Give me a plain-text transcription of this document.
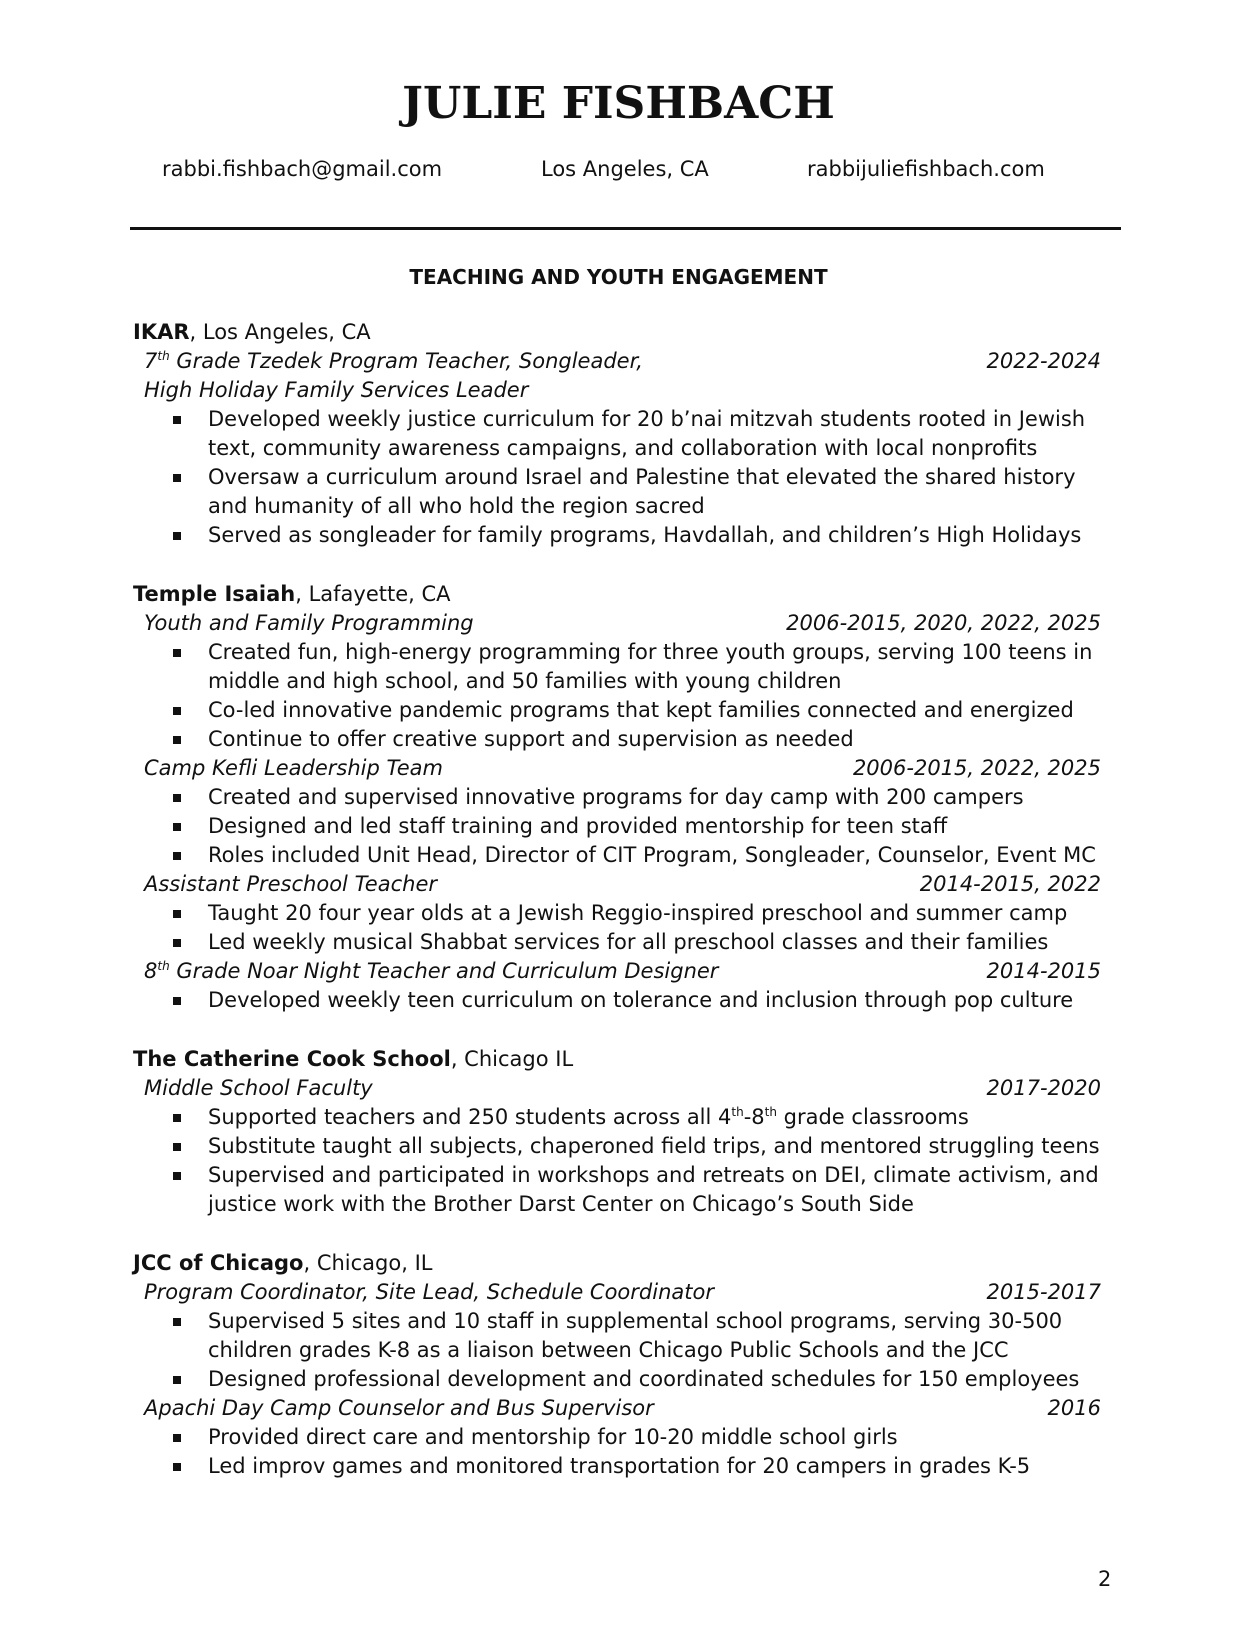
JULIE FISHBACH
rabbi.fishbach@gmail.com	Los Angeles, CA	rabbijuliefishbach.com
TEACHING AND YOUTH ENGAGEMENT
IKAR, Los Angeles, CA
7th Grade Tzedek Program Teacher, Songleader,	2022-2024
High Holiday Family Services Leader
Developed weekly justice curriculum for 20 b’nai mitzvah students rooted in Jewish text, community awareness campaigns, and collaboration with local nonprofits
Oversaw a curriculum around Israel and Palestine that elevated the shared history and humanity of all who hold the region sacred
Served as songleader for family programs, Havdallah, and children’s High Holidays
Temple Isaiah, Lafayette, CA
Youth and Family Programming	2006-2015, 2020, 2022, 2025
Created fun, high-energy programming for three youth groups, serving 100 teens in middle and high school, and 50 families with young children
Co-led innovative pandemic programs that kept families connected and energized
Continue to offer creative support and supervision as needed
Camp Kefli Leadership Team	2006-2015, 2022, 2025
Created and supervised innovative programs for day camp with 200 campers
Designed and led staff training and provided mentorship for teen staff
Roles included Unit Head, Director of CIT Program, Songleader, Counselor, Event MC
Assistant Preschool Teacher	2014-2015, 2022
Taught 20 four year olds at a Jewish Reggio-inspired preschool and summer camp
Led weekly musical Shabbat services for all preschool classes and their families
8th Grade Noar Night Teacher and Curriculum Designer	2014-2015
Developed weekly teen curriculum on tolerance and inclusion through pop culture
The Catherine Cook School, Chicago IL
Middle School Faculty	2017-2020
Supported teachers and 250 students across all 4th-8th grade classrooms
Substitute taught all subjects, chaperoned field trips, and mentored struggling teens
Supervised and participated in workshops and retreats on DEI, climate activism, and justice work with the Brother Darst Center on Chicago’s South Side
JCC of Chicago, Chicago, IL
Program Coordinator, Site Lead, Schedule Coordinator	2015-2017
Supervised 5 sites and 10 staff in supplemental school programs, serving 30-500 children grades K-8 as a liaison between Chicago Public Schools and the JCC
Designed professional development and coordinated schedules for 150 employees
Apachi Day Camp Counselor and Bus Supervisor	2016
Provided direct care and mentorship for 10-20 middle school girls
Led improv games and monitored transportation for 20 campers in grades K-5
2
